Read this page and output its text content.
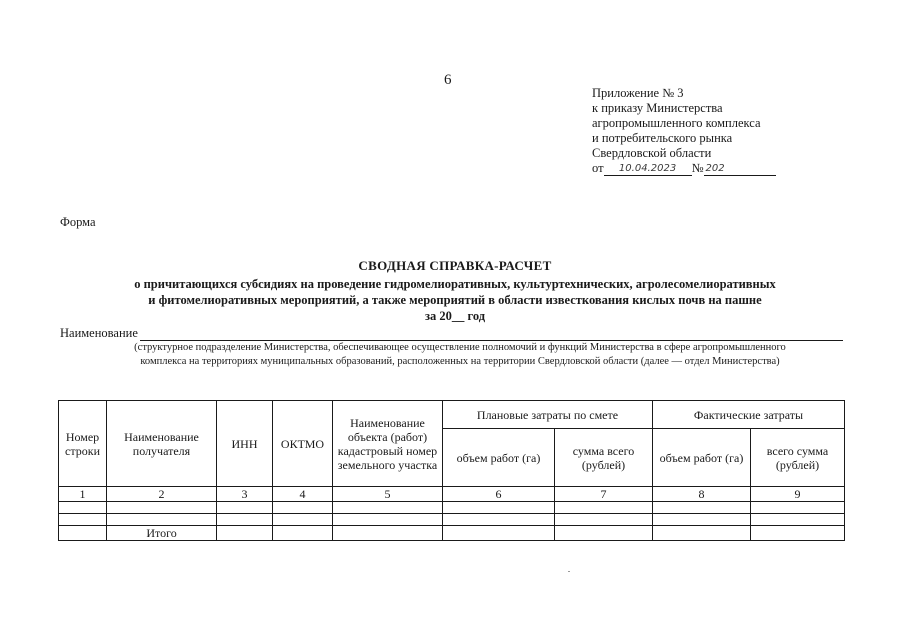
6
Приложение № 3
к приказу Министерства
агропромышленного комплекса
и потребительского рынка
Свердловской области
от	10.04.2023	№ 202
Форма
СВОДНАЯ СПРАВКА-РАСЧЕТ
о причитающихся субсидиях на проведение гидромелиоративных, культуртехнических, агролесомелиоративных
и фитомелиоративных мероприятий, а также мероприятий в области известкования кислых почв на пашне
за 20__ год
Наименование
(структурное подразделение Министерства, обеспечивающее осуществление полномочий и функций Министерства в сфере агропромышленного
комплекса на территориях муниципальных образований, расположенных на территории Свердловской области (далее — отдел Министерства)
Номер строки	Наименование получателя	ИНН	ОКТМО	Наименование объекта (работ) кадастровый номер земельного участка	Плановые затраты по смете		Фактические затраты	
					объем работ (га)	сумма всего (рублей)	объем работ (га)	всего сумма (рублей)
1	2	3	4	5	6	7	8	9

	Итого							
